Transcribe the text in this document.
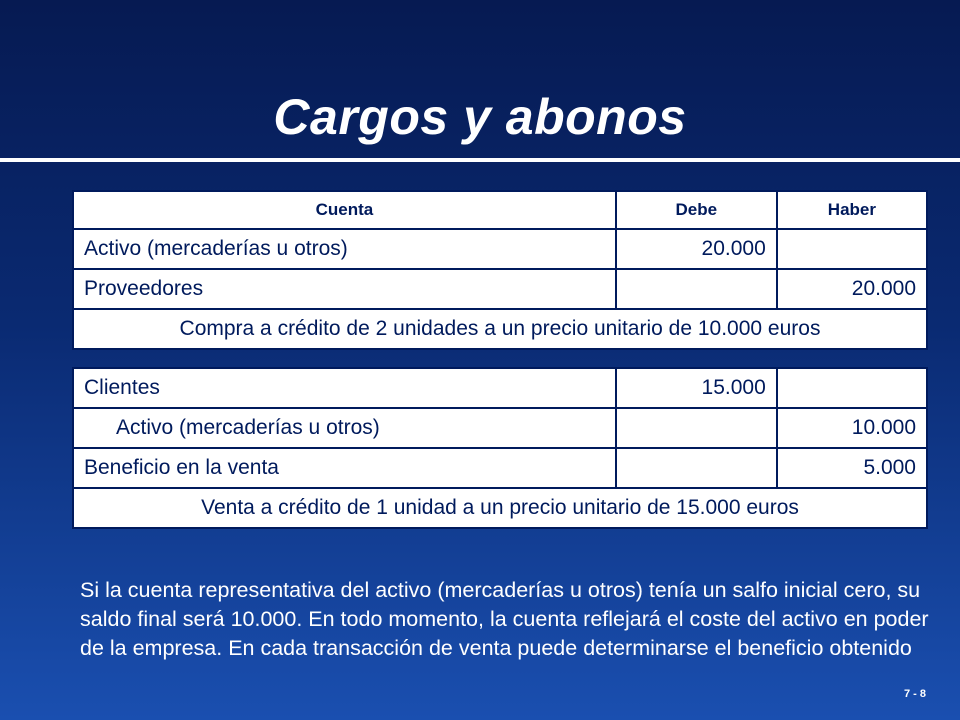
Cargos y abonos
Cuenta	Debe	Haber
Activo (mercaderías u otros)	20.000	
Proveedores		20.000
Compra a crédito de 2 unidades a un precio unitario de 10.000 euros		
Clientes	15.000	
Activo (mercaderías u otros)		10.000
Beneficio en la venta		5.000
Venta a crédito de 1 unidad a un precio unitario de 15.000 euros		
Si la cuenta representativa del activo (mercaderías u otros) tenía un salfo inicial cero, su saldo final será 10.000. En todo momento, la cuenta reflejará el coste del activo en poder de la empresa. En cada transacción de venta puede determinarse el beneficio obtenido
7 - 8
